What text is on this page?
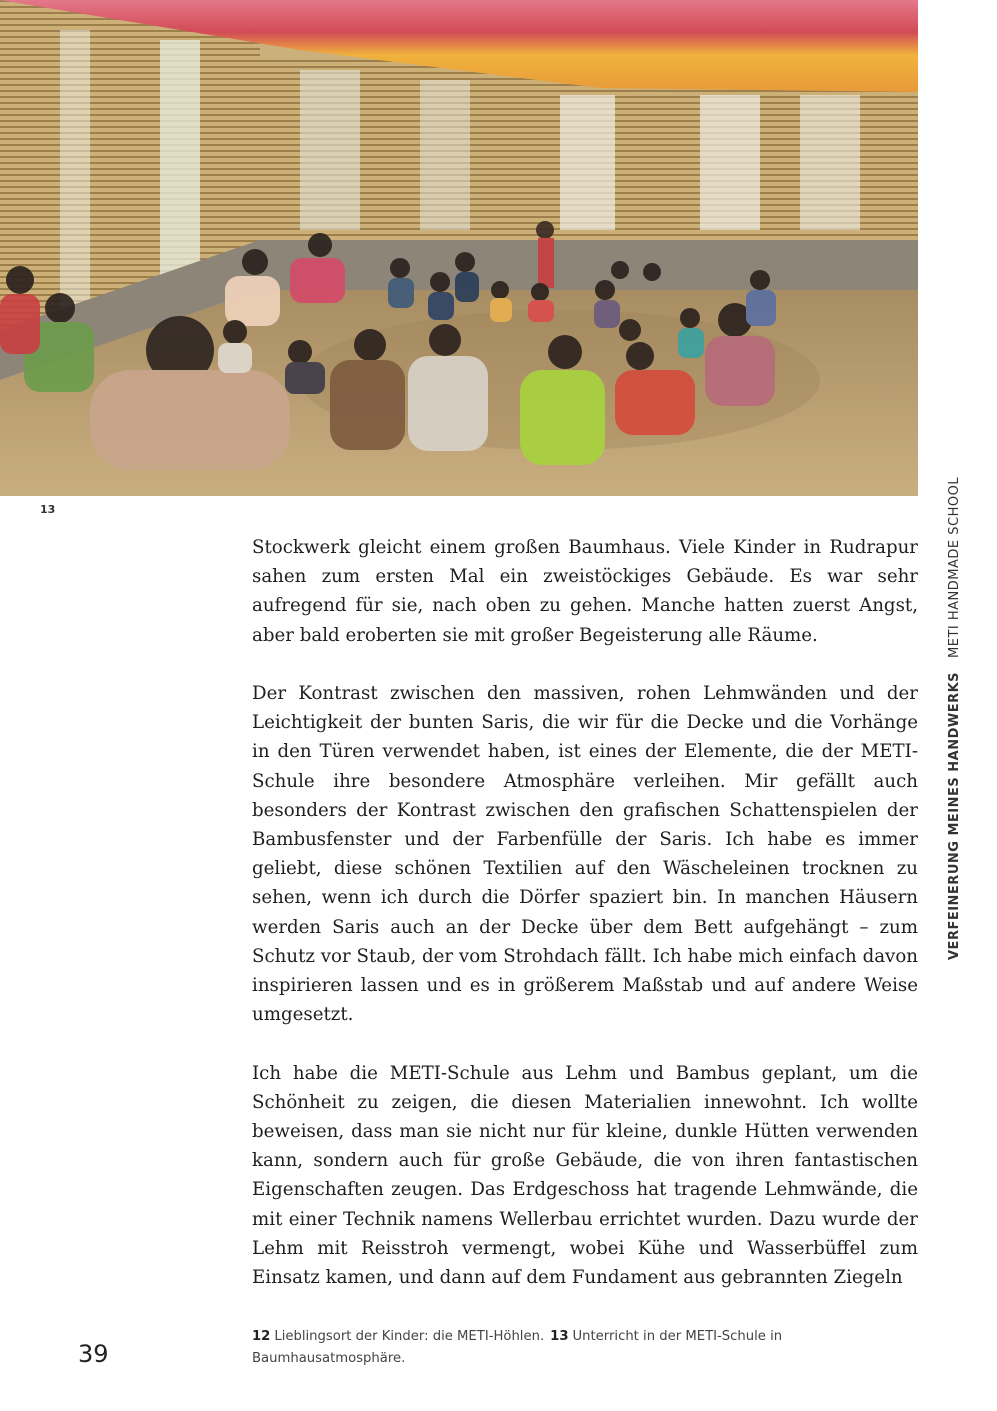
13

Stockwerk gleicht einem großen Baumhaus. Viele Kinder in Rudrapur sahen zum ersten Mal ein zweistöckiges Gebäude. Es war sehr aufregend für sie, nach oben zu gehen. Manche hatten zuerst Angst, aber bald eroberten sie mit großer Begeisterung alle Räume.

Der Kontrast zwischen den massiven, rohen Lehmwänden und der Leichtigkeit der bunten Saris, die wir für die Decke und die Vorhänge in den Türen verwendet haben, ist eines der Elemente, die der METI-Schule ihre besondere Atmosphäre verleihen. Mir gefällt auch besonders der Kontrast zwischen den grafischen Schattenspielen der Bambusfenster und der Farbenfülle der Saris. Ich habe es immer geliebt, diese schönen Textilien auf den Wäscheleinen trocknen zu sehen, wenn ich durch die Dörfer spaziert bin. In manchen Häusern werden Saris auch an der Decke über dem Bett aufgehängt – zum Schutz vor Staub, der vom Strohdach fällt. Ich habe mich einfach davon inspirieren lassen und es in größerem Maßstab und auf andere Weise umgesetzt.

Ich habe die METI-Schule aus Lehm und Bambus geplant, um die Schönheit zu zeigen, die diesen Materialien innewohnt. Ich wollte beweisen, dass man sie nicht nur für kleine, dunkle Hütten verwenden kann, sondern auch für große Gebäude, die von ihren fantastischen Eigenschaften zeugen. Das Erdgeschoss hat tragende Lehmwände, die mit einer Technik namens Wellerbau errichtet wurden. Dazu wurde der Lehm mit Reisstroh vermengt, wobei Kühe und Wasserbüffel zum Einsatz kamen, und dann auf dem Fundament aus gebrannten Ziegeln

39
12 Lieblingsort der Kinder: die METI-Höhlen. 13 Unterricht in der METI-Schule in Baumhausatmosphäre.
VERFEINERUNG MEINES HANDWERKSMETI HANDMADE SCHOOL
